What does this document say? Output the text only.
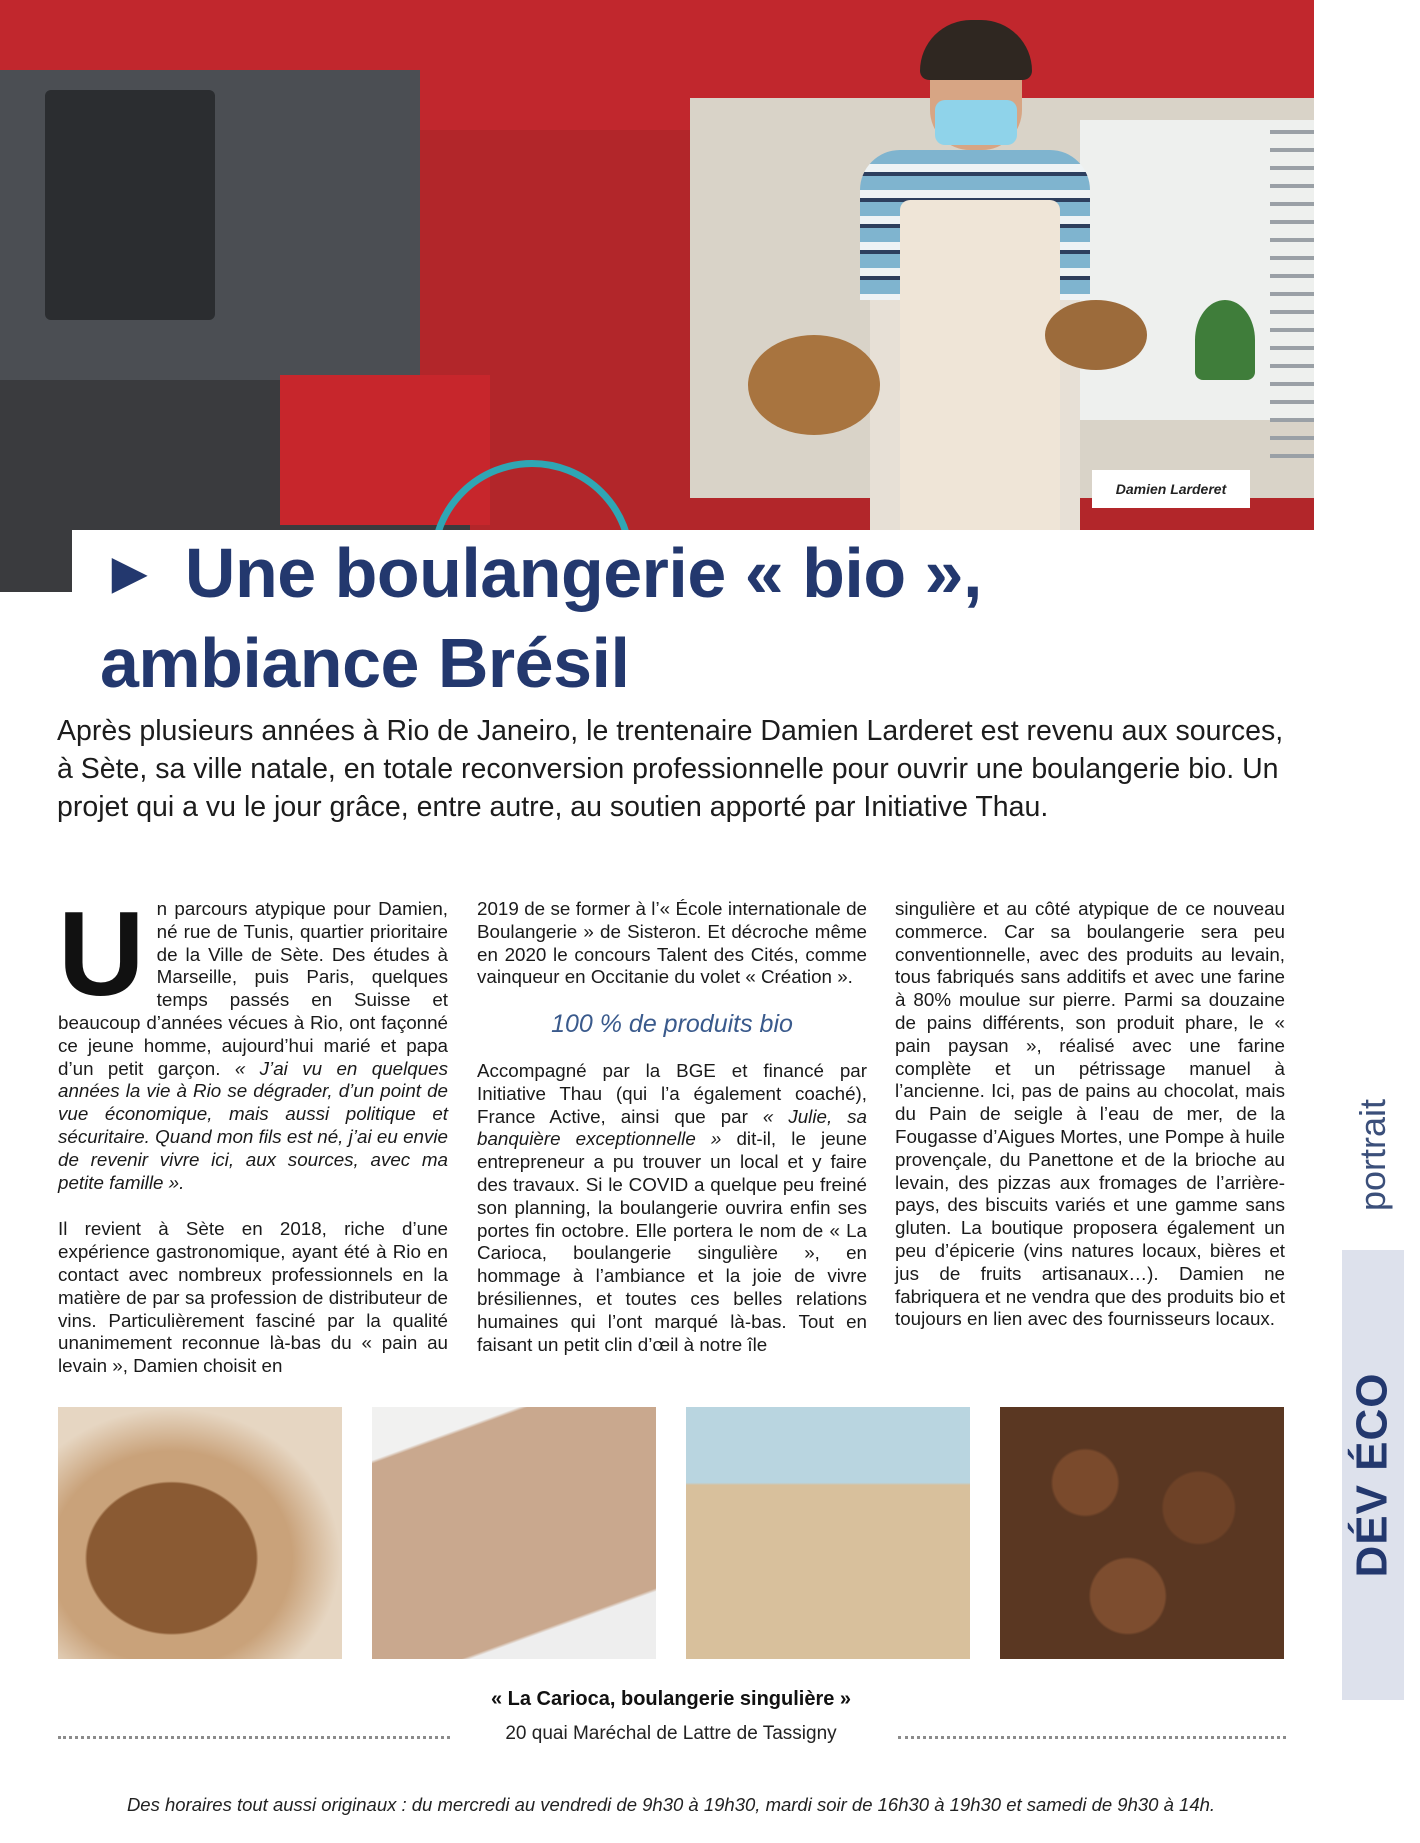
Damien Larderet
► Une boulangerie « bio »,
ambiance Brésil

Après plusieurs années à Rio de Janeiro, le trentenaire Damien Larderet est revenu aux sources, à Sète, sa ville natale, en totale reconversion professionnelle pour ouvrir une boulangerie bio. Un projet qui a vu le jour grâce, entre autre, au soutien apporté par Initiative Thau.

Un parcours atypique pour Damien, né rue de Tunis, quartier prioritaire de la Ville de Sète. Des études à Marseille, puis Paris, quelques temps passés en Suisse et beaucoup d’années vécues à Rio, ont façonné ce jeune homme, aujourd’hui marié et papa d’un petit garçon. « J’ai vu en quelques années la vie à Rio se dégrader, d’un point de vue économique, mais aussi politique et sécuritaire. Quand mon fils est né, j’ai eu envie de revenir vivre ici, aux sources, avec ma petite famille ».

Il revient à Sète en 2018, riche d’une expérience gastronomique, ayant été à Rio en contact avec nombreux professionnels en la matière de par sa profession de distributeur de vins. Particulièrement fasciné par la qualité unanimement reconnue là-bas du « pain au levain », Damien choisit en

2019 de se former à l’« École internationale de Boulangerie » de Sisteron. Et décroche même en 2020 le concours Talent des Cités, comme vainqueur en Occitanie du volet « Création ».

100 % de produits bio

Accompagné par la BGE et financé par Initiative Thau (qui l’a également coaché), France Active, ainsi que par « Julie, sa banquière exceptionnelle » dit-il, le jeune entrepreneur a pu trouver un local et y faire des travaux. Si le COVID a quelque peu freiné son planning, la boulangerie ouvrira enfin ses portes fin octobre. Elle portera le nom de « La Carioca, boulangerie singulière », en hommage à l’ambiance et la joie de vivre brésiliennes, et toutes ces belles relations humaines qui l’ont marqué là-bas. Tout en faisant un petit clin d’œil à notre île

singulière et au côté atypique de ce nouveau commerce. Car sa boulangerie sera peu conventionnelle, avec des produits au levain, tous fabriqués sans additifs et avec une farine à 80% moulue sur pierre. Parmi sa douzaine de pains différents, son produit phare, le « pain paysan », réalisé avec une farine complète et un pétrissage manuel à l’ancienne. Ici, pas de pains au chocolat, mais du Pain de seigle à l’eau de mer, de la Fougasse d’Aigues Mortes, une Pompe à huile provençale, du Panettone et de la brioche au levain, des pizzas aux fromages de l’arrière-pays, des biscuits variés et une gamme sans gluten. La boutique proposera également un peu d’épicerie (vins natures locaux, bières et jus de fruits artisanaux…). Damien ne fabriquera et ne vendra que des produits bio et toujours en lien avec des fournisseurs locaux.

portrait
DÉV ÉCO
« La Carioca, boulangerie singulière »
20 quai Maréchal de Lattre de Tassigny
Des horaires tout aussi originaux : du mercredi au vendredi de 9h30 à 19h30, mardi soir de 16h30 à 19h30 et samedi de 9h30 à 14h.
